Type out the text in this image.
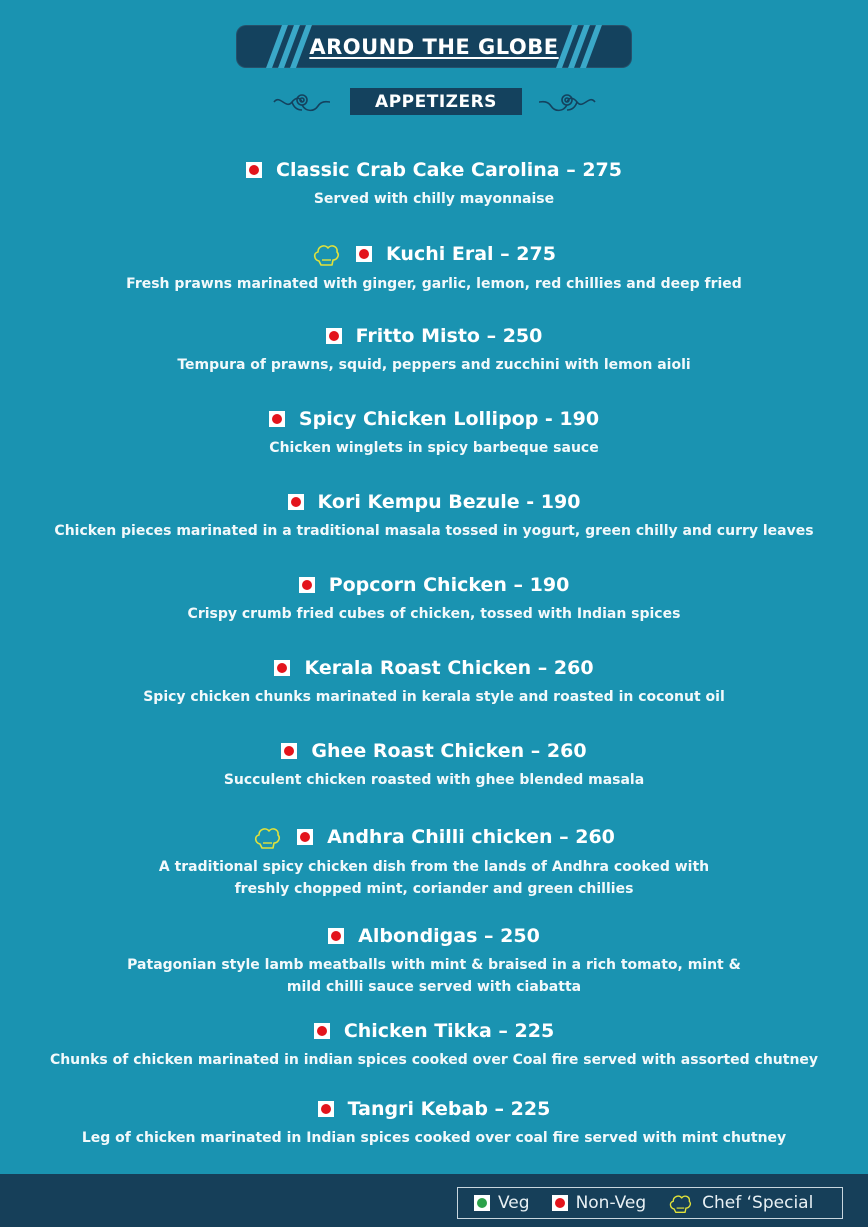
AROUND THE GLOBE
APPETIZERS
Classic Crab Cake Carolina – 275
Served with chilly mayonnaise
Kuchi Eral – 275
Fresh prawns marinated with ginger, garlic, lemon, red chillies and deep fried
Fritto Misto – 250
Tempura of prawns, squid, peppers and zucchini with lemon aioli
Spicy Chicken Lollipop - 190
Chicken winglets in spicy barbeque sauce
Kori Kempu Bezule - 190
Chicken pieces marinated in a traditional masala tossed in yogurt, green chilly and curry leaves
Popcorn Chicken – 190
Crispy crumb fried cubes of chicken, tossed with Indian spices
Kerala Roast Chicken – 260
Spicy chicken chunks marinated in kerala style and roasted in coconut oil
Ghee Roast Chicken – 260
Succulent chicken roasted with ghee blended masala
Andhra Chilli chicken – 260
A traditional spicy chicken dish from the lands of Andhra cooked with
freshly chopped mint, coriander and green chillies
Albondigas – 250
Patagonian style lamb meatballs with mint & braised in a rich tomato, mint &
mild chilli sauce served with ciabatta
Chicken Tikka – 225
Chunks of chicken marinated in indian spices cooked over Coal fire served with assorted chutney
Tangri Kebab – 225
Leg of chicken marinated in Indian spices cooked over coal fire served with mint chutney
Veg	Non-Veg	Chef ‘Special
